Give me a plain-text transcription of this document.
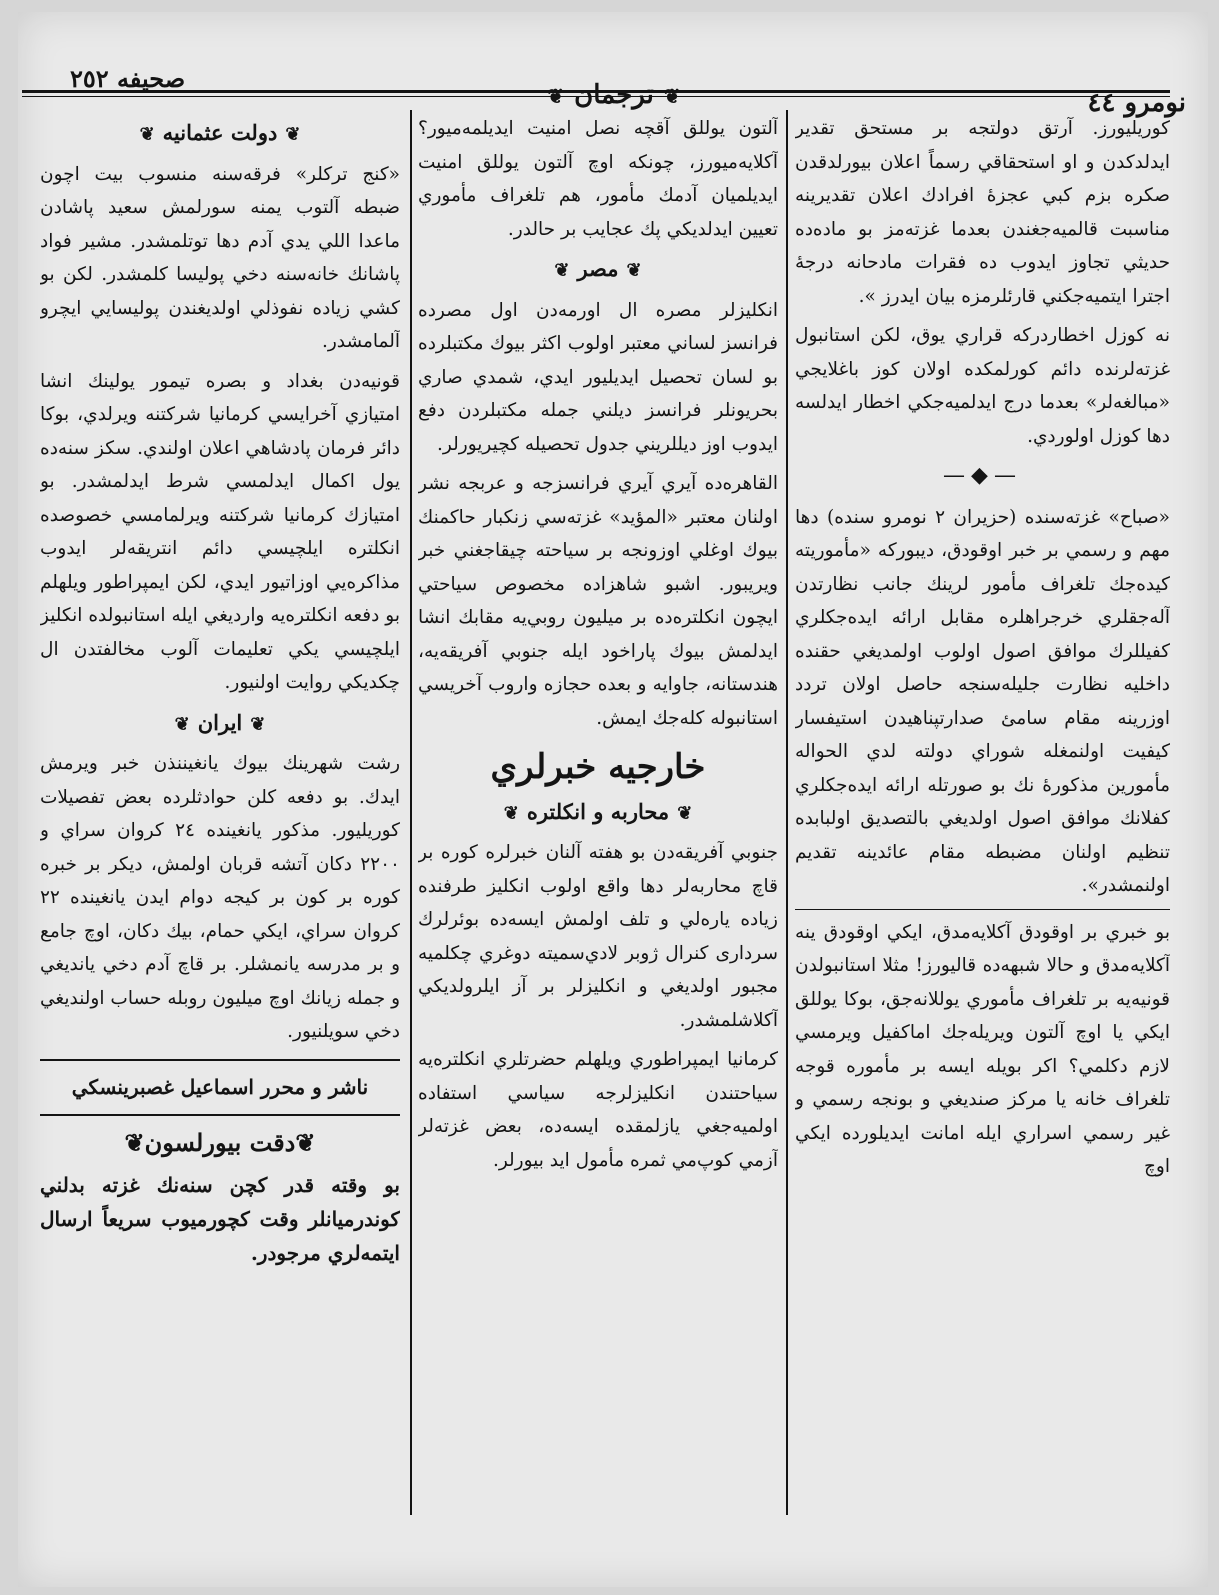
نومرو ٤٤
❦ترجمان❦
صحيفه ٢٥٢

كوريليورز. آرتق دولتجه بر مستحق تقدير ايدلدكدن و او استحقاقي رسماً اعلان بيورلدقدن صكره بزم كبي عجزهٔ افرادك اعلان تقديرينه مناسبت قالميه‌جغندن بعدما غزته‌مز بو ماده‌ده حديثي تجاوز ايدوب ده فقرات مادحانه درجهٔ اجترا ايتميه‌جكني قارئلرمزه بيان ايدرز ».

نه كوزل اخطاردركه قراري يوق، لكن استانبول غزته‌لرنده دائم كورلمكده اولان كوز باغلايجي «مبالغه‌لر» بعدما درج ايدلميه‌جكي اخطار ايدلسه دها كوزل اولوردي.

—◆—

«صباح» غزته‌سنده (حزيران ٢ نومرو سنده) دها مهم و رسمي بر خبر اوقودق، ديبوركه «مأموريته كيده‌جك تلغراف مأمور لرينك جانب نظارتدن آله‌جقلري خرجراهلره مقابل ارائه ايده‌جكلري كفيللرك موافق اصول اولوب اولمديغي حقنده داخليه نظارت جليله‌سنجه حاصل اولان تردد اوزرينه مقام سامئ صدارتپناهيدن استيفسار كيفيت اولنمغله شوراي دولته لدي الحواله مأمورين مذكورهٔ نك بو صورتله ارائه ايده‌جكلري كفلانك موافق اصول اولديغي بالتصديق اولبابده تنظيم اولنان مضبطه مقام عائدينه تقديم اولنمشدر».

بو خبري بر اوقودق آكلايه‌مدق، ايكي اوقودق ينه آكلايه‌مدق و حالا شبهه‌ده قاليورز! مثلا استانبولدن قونيه‌يه بر تلغراف مأموري يوللانه‌جق، بوكا يوللق ايكي يا اوچ آلتون ويريله‌جك اماكفيل ويرمسي لازم دكلمي؟ اكر بويله ايسه بر مأموره قوجه تلغراف خانه يا مركز صنديغي و بونجه رسمي و غير رسمي اسراري ايله امانت ايديلورده ايكي اوچ

آلتون يوللق آقچه نصل امنيت ايديلمه‌ميور؟ آكلايه‌ميورز، چونكه اوچ آلتون يوللق امنيت ايديلميان آدمك مأمور، هم تلغراف مأموري تعيين ايدلديكي پك عجايب بر حالدر.

❦مصر❦

انكليزلر مصره ال اورمه‌دن اول مصرده فرانسز لساني معتبر اولوب اكثر بيوك مكتبلرده بو لسان تحصيل ايديليور ايدي، شمدي صاري بحريونلر فرانسز ديلني جمله مكتبلردن دفع ايدوب اوز ديللريني جدول تحصيله كچيريورلر.

القاهره‌ده آيري آيري فرانسزجه و عربجه نشر اولنان معتبر «المؤيد» غزته‌سي زنكبار حاكمنك بيوك اوغلي اوزونجه بر سياحته چيقاجغني خبر ويريبور. اشبو شاهزاده مخصوص سياحتي ايچون انكلتره‌ده بر ميليون روبي‌يه مقابك انشا ايدلمش بيوك پاراخود ايله جنوبي آفريقه‌يه، هندستانه، جاوايه و بعده حجازه واروب آخريسي استانبوله كله‌جك ايمش.

خارجيه خبرلري
❦محاربه و انكلتره❦

جنوبي آفريقه‌دن بو هفته آلنان خبرلره كوره بر قاچ محاربه‌لر دها واقع اولوب انكليز طرفنده زياده يارەلي و تلف اولمش ايسه‌ده بوئرلرك سردارى كنرال ژوبر لادي‌سميته دوغري چكلميه مجبور اولديغي و انكليزلر بر آز ايلرولديكي آكلاشلمشدر.

كرمانيا ايمپراطوري ويلهلم حضرتلري انكلتره‌يه سياحتندن انكليزلرجه سياسي استفاده اولميه‌جغي يازلمقده ايسه‌ده، بعض غزته‌لر آزمي كوپ‌مي ثمره مأمول ايد بيورلر.

❦دولت عثمانيه❦

«كنج تركلر» فرقه‌سنه منسوب بيت اچون ضبطه آلتوب يمنه سورلمش سعيد پاشادن ماعدا اللي يدي آدم دها توتلمشدر. مشير فواد پاشانك خانه‌سنه دخي پوليسا كلمشدر. لكن بو كشي زياده نفوذلي اولديغندن پوليسايي ايچرو آلمامشدر.

قونيه‌دن بغداد و بصره تيمور يولينك انشا امتيازي آخرايسي كرمانيا شركتنه ويرلدي، بوكا دائر فرمان پادشاهي اعلان اولندي. سكز سنه‌ده يول اكمال ايدلمسي شرط ايدلمشدر. بو امتيازك كرمانيا شركتنه ويرلمامسي خصوصده انكلتره ايلچيسي دائم انتريقه‌لر ايدوب مذاكره‌يي اوزاتيور ايدي، لكن ايمپراطور ويلهلم بو دفعه انكلتره‌يه وارديغي ايله استانبولده انكليز ايلچيسي يكي تعليمات آلوب مخالفتدن ال چكديكي روايت اولنيور.

❦ايران❦

رشت شهرينك بيوك يانغيننذن خبر ويرمش ايدك. بو دفعه كلن حوادثلرده بعض تفصيلات كوريليور. مذكور يانغينده ٢٤ كروان سراي و ٢٢٠٠ دكان آتشه قربان اولمش، ديكر بر خبره كوره بر كون بر كيجه دوام ايدن يانغينده ٢٢ كروان سراي، ايكي حمام، بيك دكان، اوچ جامع و بر مدرسه يانمشلر. بر قاچ آدم دخي يانديغي و جمله زيانك اوچ ميليون روبله حساب اولنديغي دخي سويلنيور.

ناشر و محرر اسماعيل غصبرينسكي
❦دقت بيورلسون❦

بو وقته قدر كچن سنه‌نك غزته بدلني كوندرميانلر وقت كچورميوب سريعاً ارسال ايتمه‌لري مرجودر.
